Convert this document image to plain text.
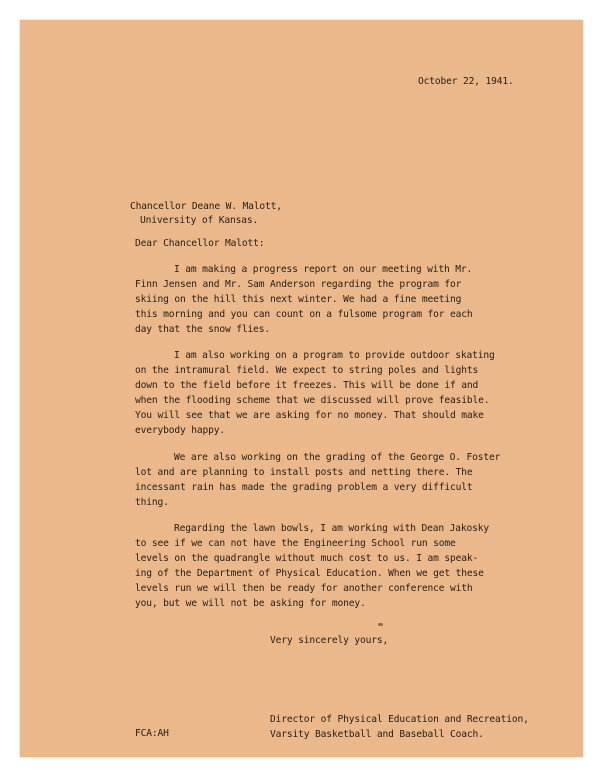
October 22, 1941.
Chancellor Deane W. Malott,
University of Kansas.
Dear Chancellor Malott:
I am making a progress report on our meeting with Mr.
Finn Jensen and Mr. Sam Anderson regarding the program for
skiing on the hill this next winter. We had a fine meeting
this morning and you can count on a fulsome program for each
day that the snow flies.
I am also working on a program to provide outdoor skating
on the intramural field. We expect to string poles and lights
down to the field before it freezes. This will be done if and
when the flooding scheme that we discussed will prove feasible.
You will see that we are asking for no money. That should make
everybody happy.
We are also working on the grading of the George O. Foster
lot and are planning to install posts and netting there. The
incessant rain has made the grading problem a very difficult
thing.
Regarding the lawn bowls, I am working with Dean Jakosky
to see if we can not have the Engineering School run some
levels on the quadrangle without much cost to us. I am speak-
ing of the Department of Physical Education. When we get these
levels run we will then be ready for another conference with
you, but we will not be asking for money.
Very sincerely yours,
Director of Physical Education and Recreation,
Varsity Basketball and Baseball Coach.
FCA:AH
